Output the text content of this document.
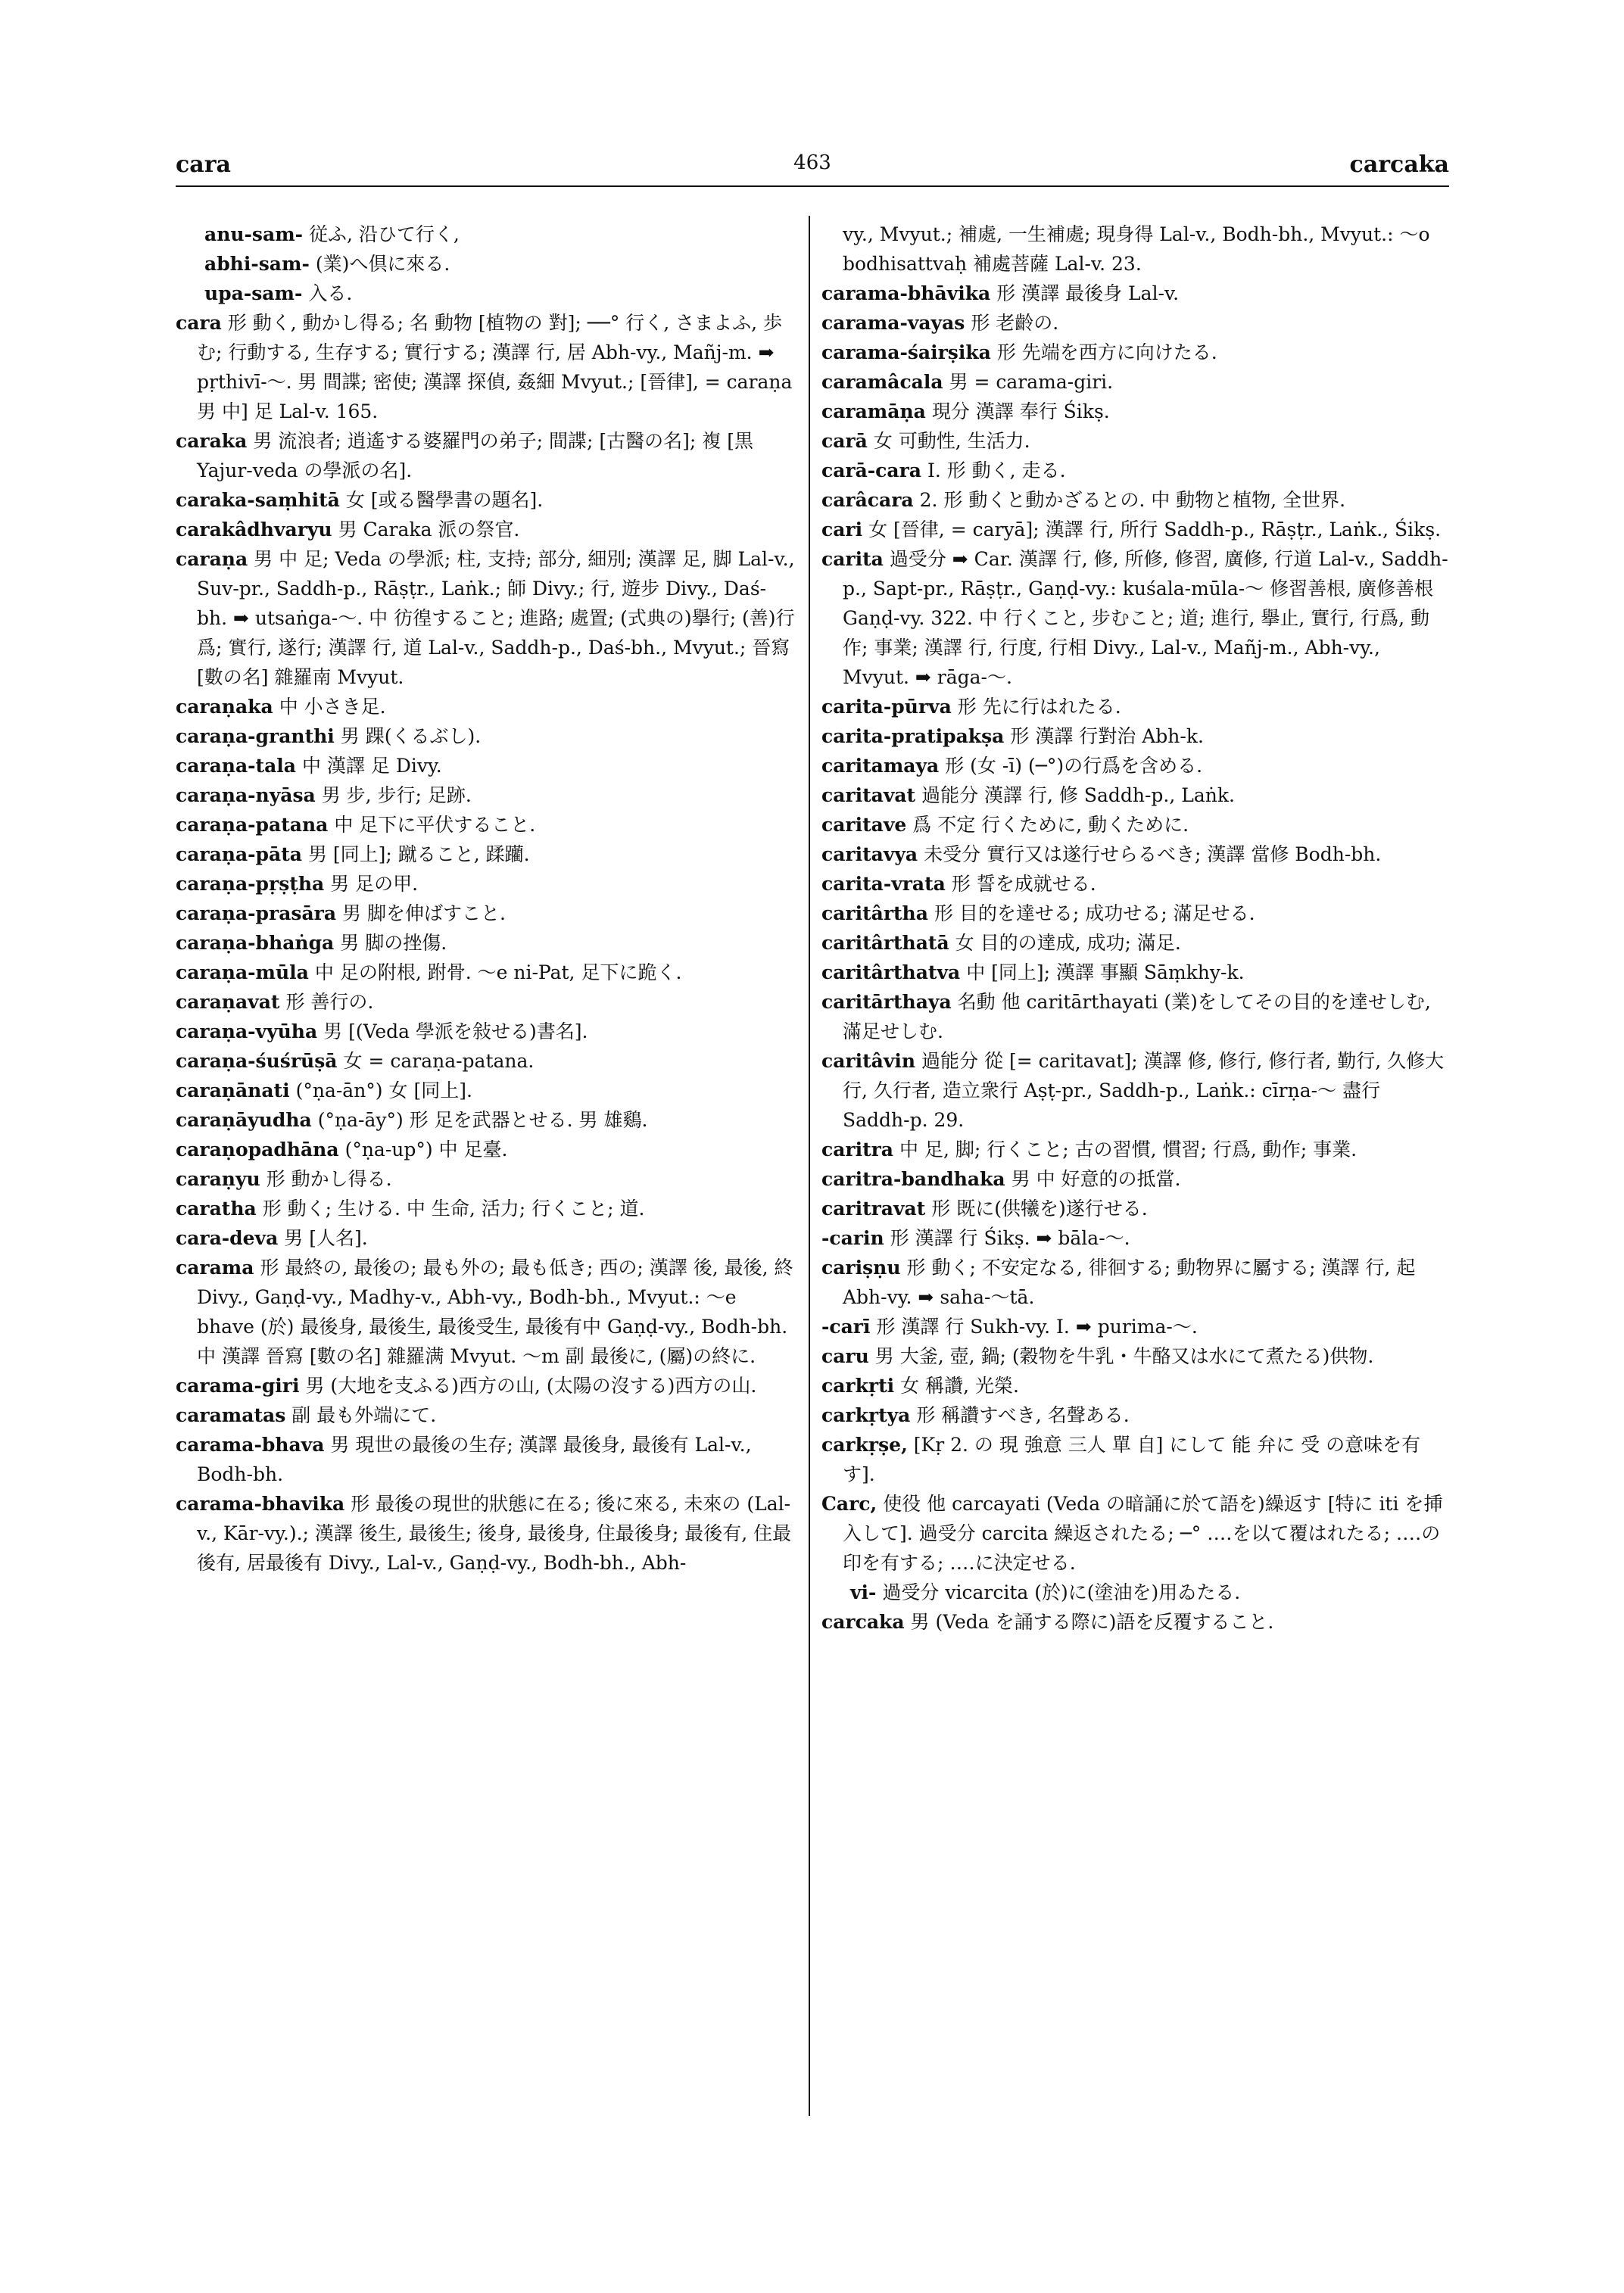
cara	463	carcaka

anu-sam- 従ふ, 沿ひて行く,

abhi-sam- (業)へ倶に來る.

upa-sam- 入る.

cara 形 動く, 動かし得る; 名 動物 [植物の 對]; ──° 行く, さまよふ, 歩む; 行動する, 生存する; 實行する; 漢譯 行, 居 Abh-vy., Mañj-m. ➡ pṛthivī-～. 男 間諜; 密使; 漢譯 探偵, 姦細 Mvyut.; [晉律], = caraṇa 男 中] 足 Lal-v. 165.

caraka 男 流浪者; 逍遙する婆羅門の弟子; 間諜; [古醫の名]; 複 [黒 Yajur-veda の學派の名].

caraka-saṃhitā 女 [或る醫學書の題名].

carakâdhvaryu 男 Caraka 派の祭官.

caraṇa 男 中 足; Veda の學派; 柱, 支持; 部分, 細別; 漢譯 足, 脚 Lal-v., Suv-pr., Saddh-p., Rāṣṭr., Laṅk.; 師 Divy.; 行, 遊步 Divy., Daś-bh. ➡ utsaṅga-～. 中 彷徨すること; 進路; 處置; (式典の)擧行; (善)行爲; 實行, 遂行; 漢譯 行, 道 Lal-v., Saddh-p., Daś-bh., Mvyut.; 晉寫 [數の名] 雜羅南 Mvyut.

caraṇaka 中 小さき足.

caraṇa-granthi 男 踝(くるぶし).

caraṇa-tala 中 漢譯 足 Divy.

caraṇa-nyāsa 男 步, 步行; 足跡.

caraṇa-patana 中 足下に平伏すること.

caraṇa-pāta 男 [同上]; 蹴ること, 蹂躪.

caraṇa-pṛṣṭha 男 足の甲.

caraṇa-prasāra 男 脚を伸ばすこと.

caraṇa-bhaṅga 男 脚の挫傷.

caraṇa-mūla 中 足の附根, 跗骨. ～e ni-Pat, 足下に跪く.

caraṇavat 形 善行の.

caraṇa-vyūha 男 [(Veda 學派を敍せる)書名].

caraṇa-śuśrūṣā 女 = caraṇa-patana.

caraṇānati (°ṇa-ān°) 女 [同上].

caraṇāyudha (°ṇa-āy°) 形 足を武器とせる. 男 雄鷄.

caraṇopadhāna (°ṇa-up°) 中 足臺.

caraṇyu 形 動かし得る.

caratha 形 動く; 生ける. 中 生命, 活力; 行くこと; 道.

cara-deva 男 [人名].

carama 形 最終の, 最後の; 最も外の; 最も低き; 西の; 漢譯 後, 最後, 終 Divy., Gaṇḍ-vy., Madhy-v., Abh-vy., Bodh-bh., Mvyut.: ～e bhave (於) 最後身, 最後生, 最後受生, 最後有中 Gaṇḍ-vy., Bodh-bh. 中 漢譯 晉寫 [數の名] 雜羅满 Mvyut. ～m 副 最後に, (屬)の終に.

carama-giri 男 (大地を支ふる)西方の山, (太陽の沒する)西方の山.

caramatas 副 最も外端にて.

carama-bhava 男 現世の最後の生存; 漢譯 最後身, 最後有 Lal-v., Bodh-bh.

carama-bhavika 形 最後の現世的狀態に在る; 後に來る, 未來の (Lal-v., Kār-vy.).; 漢譯 後生, 最後生; 後身, 最後身, 住最後身; 最後有, 住最後有, 居最後有 Divy., Lal-v., Gaṇḍ-vy., Bodh-bh., Abh-

vy., Mvyut.; 補處, 一生補處; 現身得 Lal-v., Bodh-bh., Mvyut.: ～o bodhisattvaḥ 補處菩薩 Lal-v. 23.

carama-bhāvika 形 漢譯 最後身 Lal-v.

carama-vayas 形 老齡の.

carama-śairṣika 形 先端を西方に向けたる.

caramâcala 男 = carama-giri.

caramāṇa 現分 漢譯 奉行 Śikṣ.

carā 女 可動性, 生活力.

carā-cara I. 形 動く, 走る.

carâcara 2. 形 動くと動かざるとの. 中 動物と植物, 全世界.

cari 女 [晉律, = caryā]; 漢譯 行, 所行 Saddh-p., Rāṣṭr., Laṅk., Śikṣ.

carita 過受分 ➡ Car. 漢譯 行, 修, 所修, 修習, 廣修, 行道 Lal-v., Saddh-p., Sapt-pr., Rāṣṭr., Gaṇḍ-vy.: kuśala-mūla-～ 修習善根, 廣修善根 Gaṇḍ-vy. 322. 中 行くこと, 步むこと; 道; 進行, 擧止, 實行, 行爲, 動作; 事業; 漢譯 行, 行度, 行相 Divy., Lal-v., Mañj-m., Abh-vy., Mvyut. ➡ rāga-～.

carita-pūrva 形 先に行はれたる.

carita-pratipakṣa 形 漢譯 行對治 Abh-k.

caritamaya 形 (女 -ī) (─°)の行爲を含める.

caritavat 過能分 漢譯 行, 修 Saddh-p., Laṅk.

caritave 爲 不定 行くために, 動くために.

caritavya 未受分 實行又は遂行せらるべき; 漢譯 當修 Bodh-bh.

carita-vrata 形 誓を成就せる.

caritârtha 形 目的を達せる; 成功せる; 滿足せる.

caritârthatā 女 目的の達成, 成功; 滿足.

caritârthatva 中 [同上]; 漢譯 事顯 Sāṃkhy-k.

caritārthaya 名動 他 caritārthayati (業)をしてその目的を達せしむ, 滿足せしむ.

caritâvin 過能分 從 [= caritavat]; 漢譯 修, 修行, 修行者, 勤行, 久修大行, 久行者, 造立衆行 Aṣṭ-pr., Saddh-p., Laṅk.: cīrṇa-～ 盡行 Saddh-p. 29.

caritra 中 足, 脚; 行くこと; 古の習慣, 慣習; 行爲, 動作; 事業.

caritra-bandhaka 男 中 好意的の抵當.

caritravat 形 既に(供犧を)遂行せる.

-carin 形 漢譯 行 Śikṣ. ➡ bāla-～.

cariṣṇu 形 動く; 不安定なる, 徘徊する; 動物界に屬する; 漢譯 行, 起 Abh-vy. ➡ saha-～tā.

-carī 形 漢譯 行 Sukh-vy. I. ➡ purima-～.

caru 男 大釜, 壺, 鍋; (穀物を牛乳・牛酪又は水にて煮たる)供物.

carkṛti 女 稱讚, 光榮.

carkṛtya 形 稱讚すべき, 名聲ある.

carkṛṣe, [Kṛ 2. の 現 強意 三人 單 自] にして 能 弁に 受 の意味を有す].

Carc, 使役 他 carcayati (Veda の暗誦に於て語を)繰返す [特に iti を挿入して]. 過受分 carcita 繰返されたる; ─° ‥‥を以て覆はれたる; ‥‥の印を有する; ‥‥に決定せる.

vi- 過受分 vicarcita (於)に(塗油を)用ゐたる.

carcaka 男 (Veda を誦する際に)語を反覆すること.
